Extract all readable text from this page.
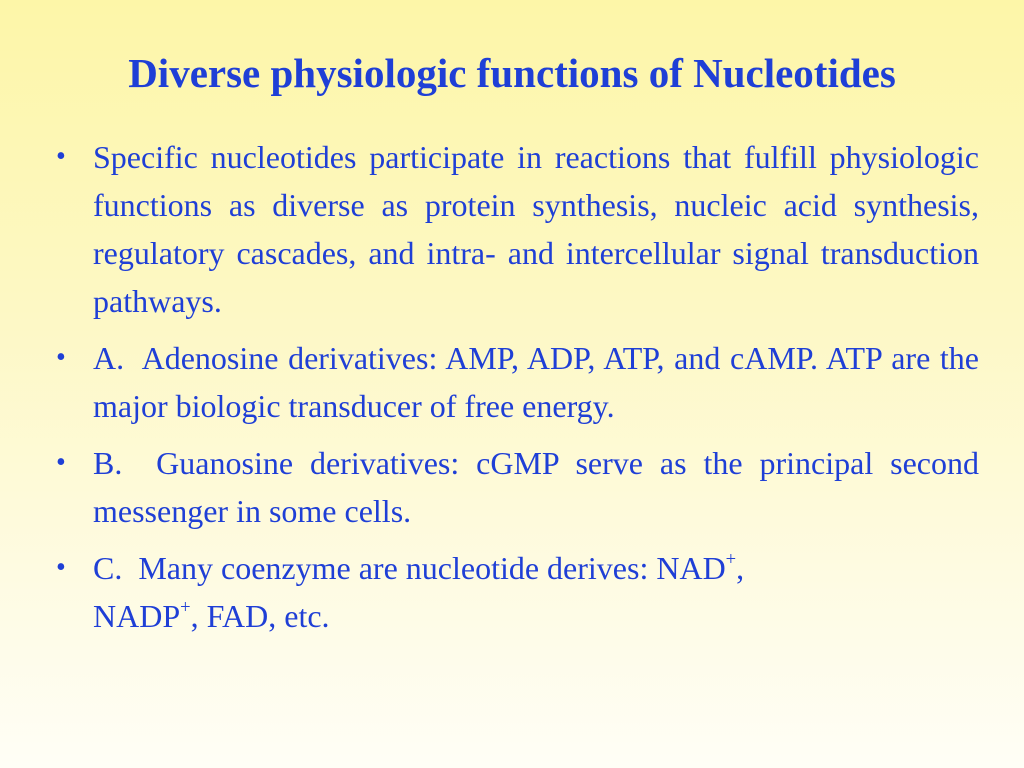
Diverse physiologic functions of Nucleotides
• Specific nucleotides participate in reactions that fulfill physiologic functions as diverse as protein synthesis, nucleic acid synthesis, regulatory cascades, and intra- and intercellular signal transduction pathways.
• A.  Adenosine derivatives: AMP, ADP, ATP, and cAMP. ATP are the major biologic transducer of free energy.
• B.  Guanosine derivatives: cGMP serve as the principal second messenger in some cells.
• C.  Many coenzyme are nucleotide derives: NAD+,
NADP+, FAD, etc.
